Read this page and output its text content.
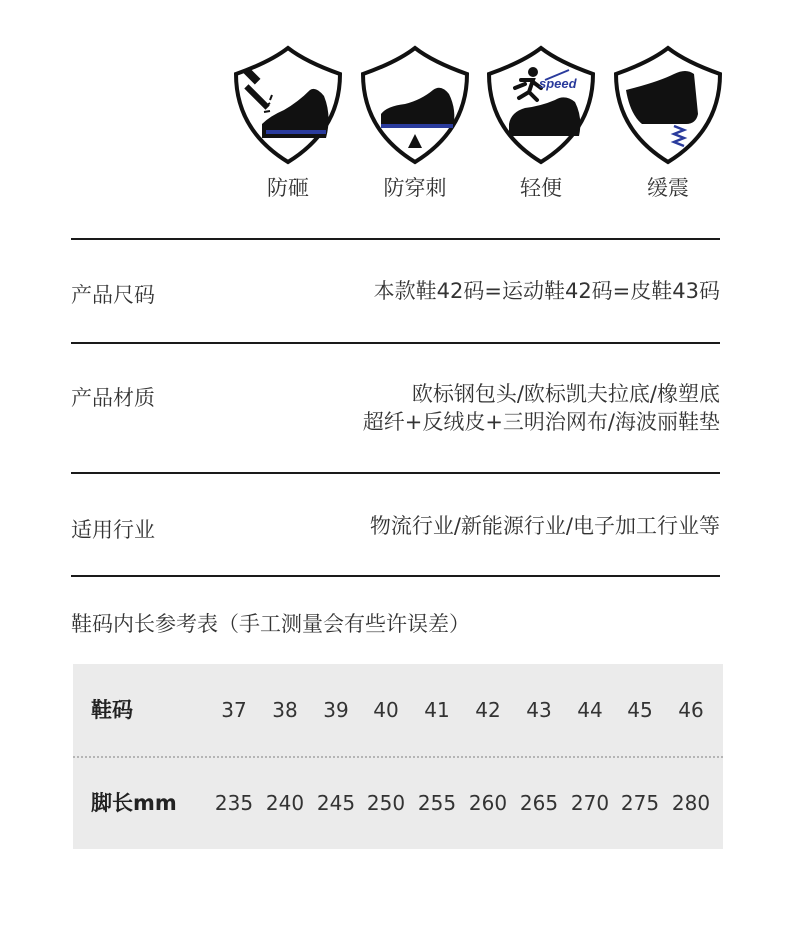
防砸	防穿刺
speed
轻便	缓震
产品尺码	本款鞋42码=运动鞋42码=皮鞋43码
产品材质	欧标钢包头/欧标凯夫拉底/橡塑底
超纤+反绒皮+三明治网布/海波丽鞋垫
适用行业	物流行业/新能源行业/电子加工行业等
鞋码内长参考表（手工测量会有些许误差）
鞋码	37	38	39	40	41	42	43	44	45	46
脚长mm 235 240 245 250 255 260 265 270 275 280
